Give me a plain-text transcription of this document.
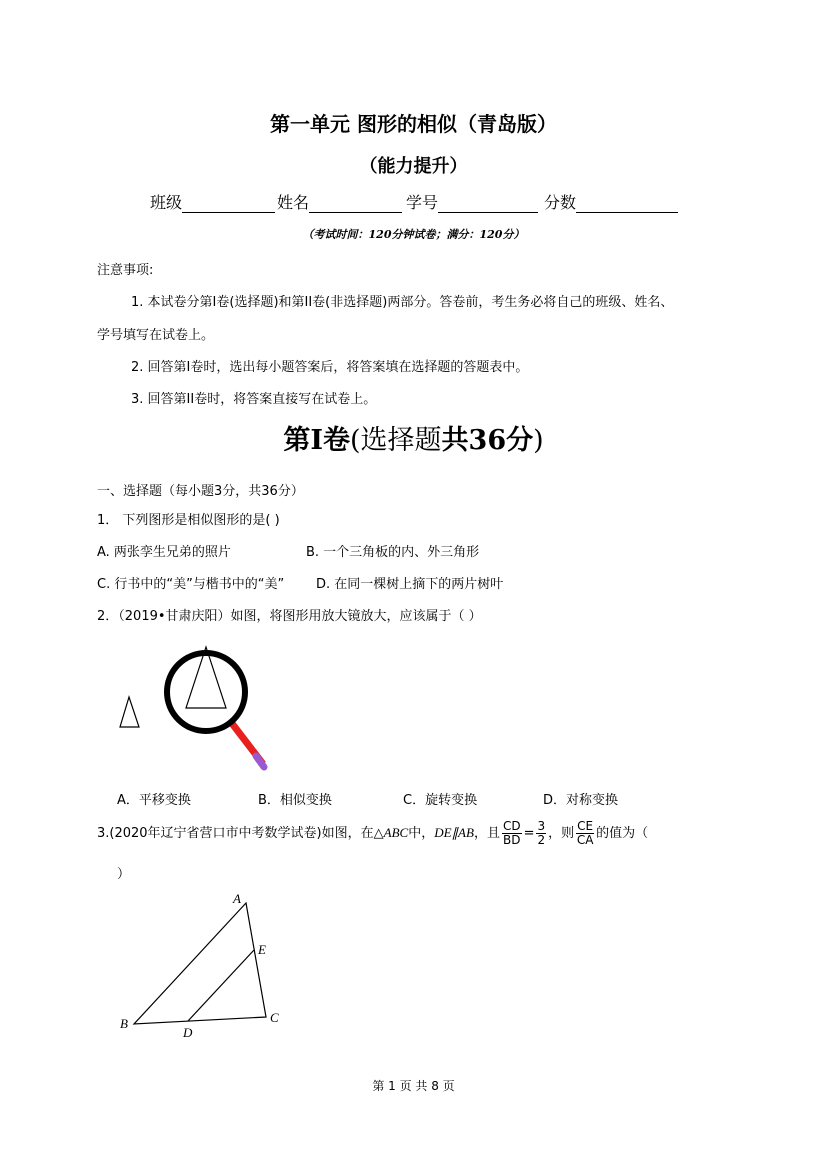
第一单元 图形的相似（青岛版）
（能力提升）
班级	姓名	学号	分数
（考试时间：120分钟试卷；满分：120分）
注意事项:
1. 本试卷分第I卷(选择题)和第II卷(非选择题)两部分。答卷前，考生务必将自己的班级、姓名、
学号填写在试卷上。
2. 回答第I卷时，选出每小题答案后，将答案填在选择题的答题表中。
3. 回答第II卷时，将答案直接写在试卷上。
第I卷(选择题共36分)
一、选择题（每小题3分，共36分）
1． 下列图形是相似图形的是( )
A. 两张孪生兄弟的照片	B. 一个三角板的内、外三角形
C. 行书中的“美”与楷书中的“美” D. 在同一棵树上摘下的两片树叶
2．（2019•甘肃庆阳）如图，将图形用放大镜放大，应该属于（ ）
A．平移变换	B．相似变换	C．旋转变换	D．对称变换
3.(2020年辽宁省营口市中考数学试卷)如图，在△ABC中，DE∥AB，且 $\frac{CD}{BD} = \frac{3}{2}$ ，则 $\frac{CE}{CA}$ 的值为（
）
A
E
C
B
D
第 1 页 共 8 页
